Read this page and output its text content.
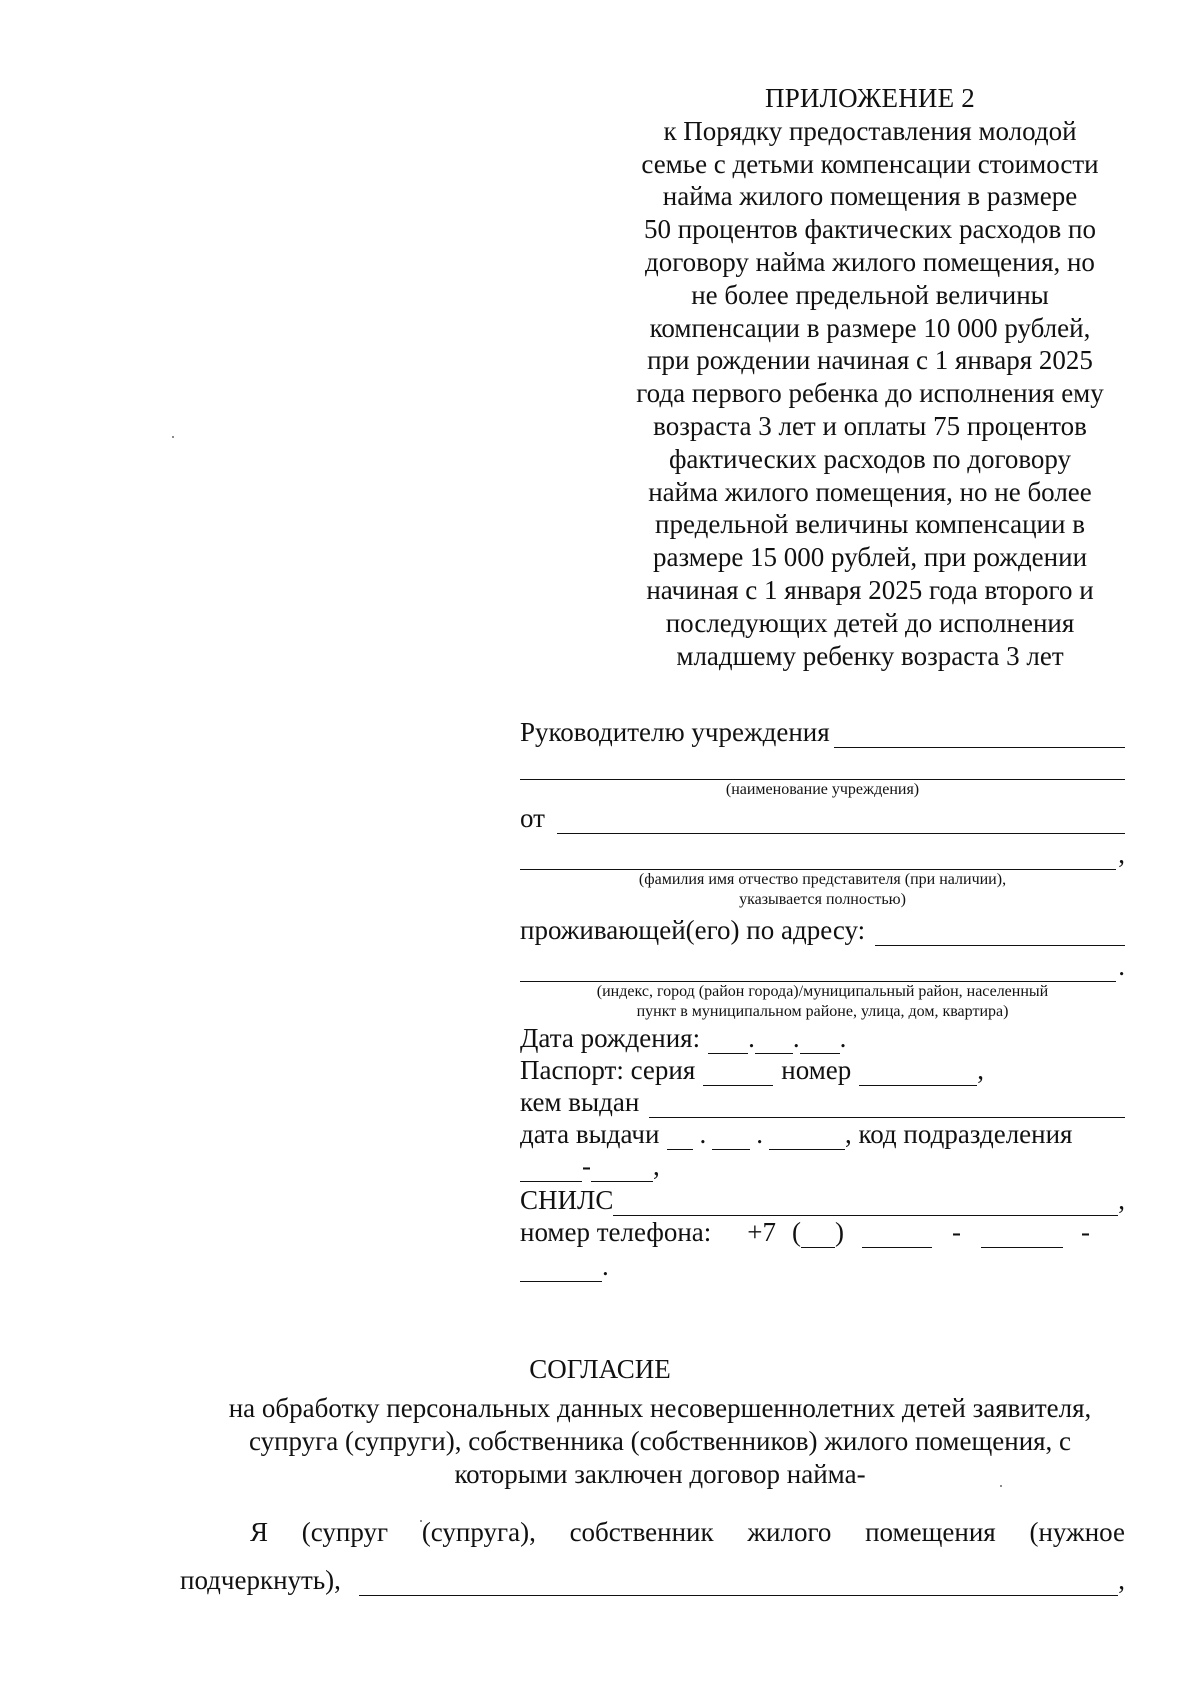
ПРИЛОЖЕНИЕ 2
к Порядку предоставления молодой
семье с детьми компенсации стоимости
найма жилого помещения в размере
50 процентов фактических расходов по
договору найма жилого помещения, но
не более предельной величины
компенсации в размере 10 000 рублей,
при рождении начиная с 1 января 2025
года первого ребенка до исполнения ему
возраста 3 лет и оплаты 75 процентов
фактических расходов по договору
найма жилого помещения, но не более
предельной величины компенсации в
размере 15 000 рублей, при рождении
начиная с 1 января 2025 года второго и
последующих детей до исполнения
младшему ребенку возраста 3 лет
Руководителю учреждения
(наименование учреждения)
от
,
(фамилия имя отчество представителя (при наличии),
указывается полностью)
проживающей(его) по адресу:
.
(индекс, город (район города)/муниципальный район, населенный
пункт в муниципальном районе, улица, дом, квартира)
Дата рождения: . . .
Паспорт: серия	номер	,
кем выдан
дата выдачи . .	, код подразделения
- ,
СНИЛС	,
номер телефона: +7 ( )	-	-
.
СОГЛАСИЕ
на обработку персональных данных несовершеннолетних детей заявителя,
супруга (супруги), собственника (собственников) жилого помещения, с
которыми заключен договор найма-
Я (супруг (супруга), собственник жилого помещения (нужное
подчеркнуть),	,
